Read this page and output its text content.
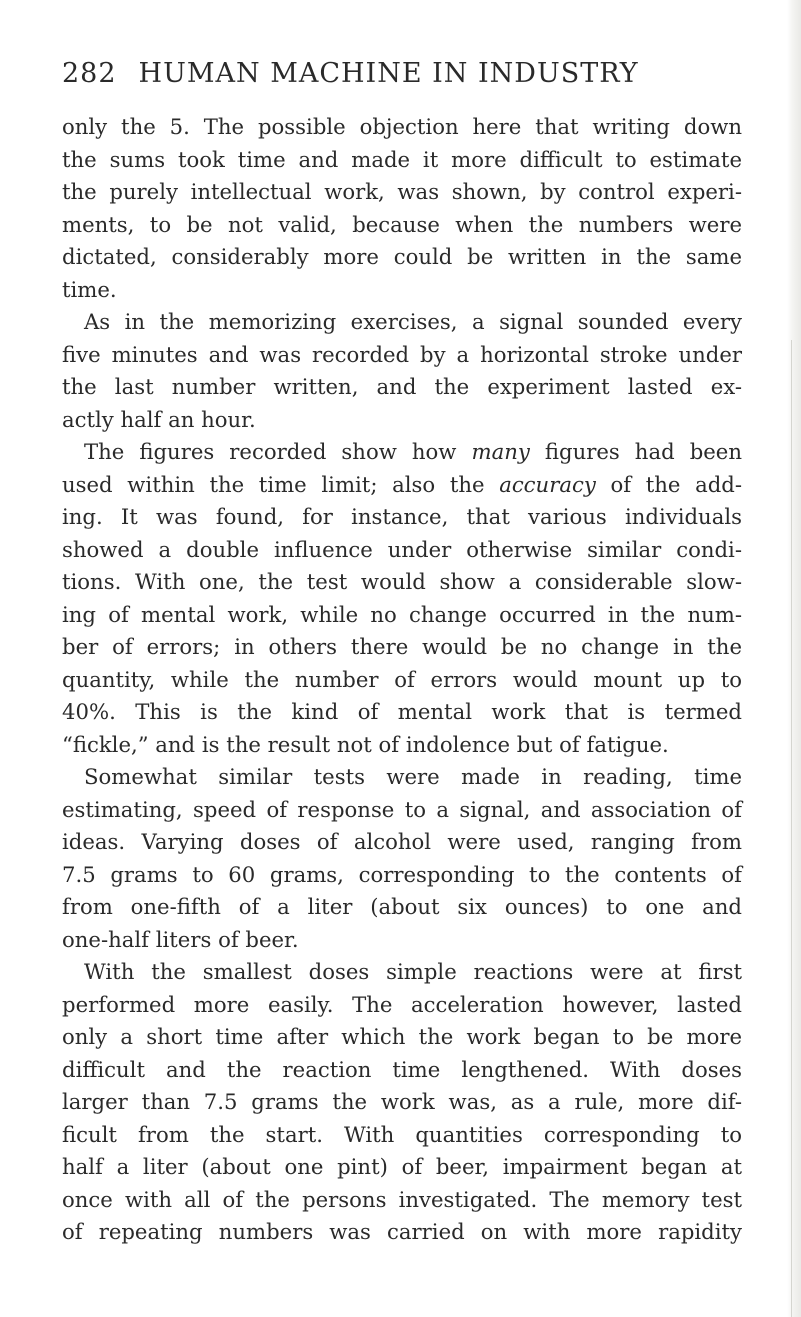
282 HUMAN MACHINE IN INDUSTRY
only the 5. The possible objection here that writing down
the sums took time and made it more difficult to estimate
the purely intellectual work, was shown, by control experi-
ments, to be not valid, because when the numbers were
dictated, considerably more could be written in the same
time.
As in the memorizing exercises, a signal sounded every
five minutes and was recorded by a horizontal stroke under
the last number written, and the experiment lasted ex-
actly half an hour.
The figures recorded show how many figures had been
used within the time limit; also the accuracy of the add-
ing. It was found, for instance, that various individuals
showed a double influence under otherwise similar condi-
tions. With one, the test would show a considerable slow-
ing of mental work, while no change occurred in the num-
ber of errors; in others there would be no change in the
quantity, while the number of errors would mount up to
40%. This is the kind of mental work that is termed
“fickle,” and is the result not of indolence but of fatigue.
Somewhat similar tests were made in reading, time
estimating, speed of response to a signal, and association of
ideas. Varying doses of alcohol were used, ranging from
7.5 grams to 60 grams, corresponding to the contents of
from one-fifth of a liter (about six ounces) to one and
one-half liters of beer.
With the smallest doses simple reactions were at first
performed more easily. The acceleration however, lasted
only a short time after which the work began to be more
difficult and the reaction time lengthened. With doses
larger than 7.5 grams the work was, as a rule, more dif-
ficult from the start. With quantities corresponding to
half a liter (about one pint) of beer, impairment began at
once with all of the persons investigated. The memory test
of repeating numbers was carried on with more rapidity
